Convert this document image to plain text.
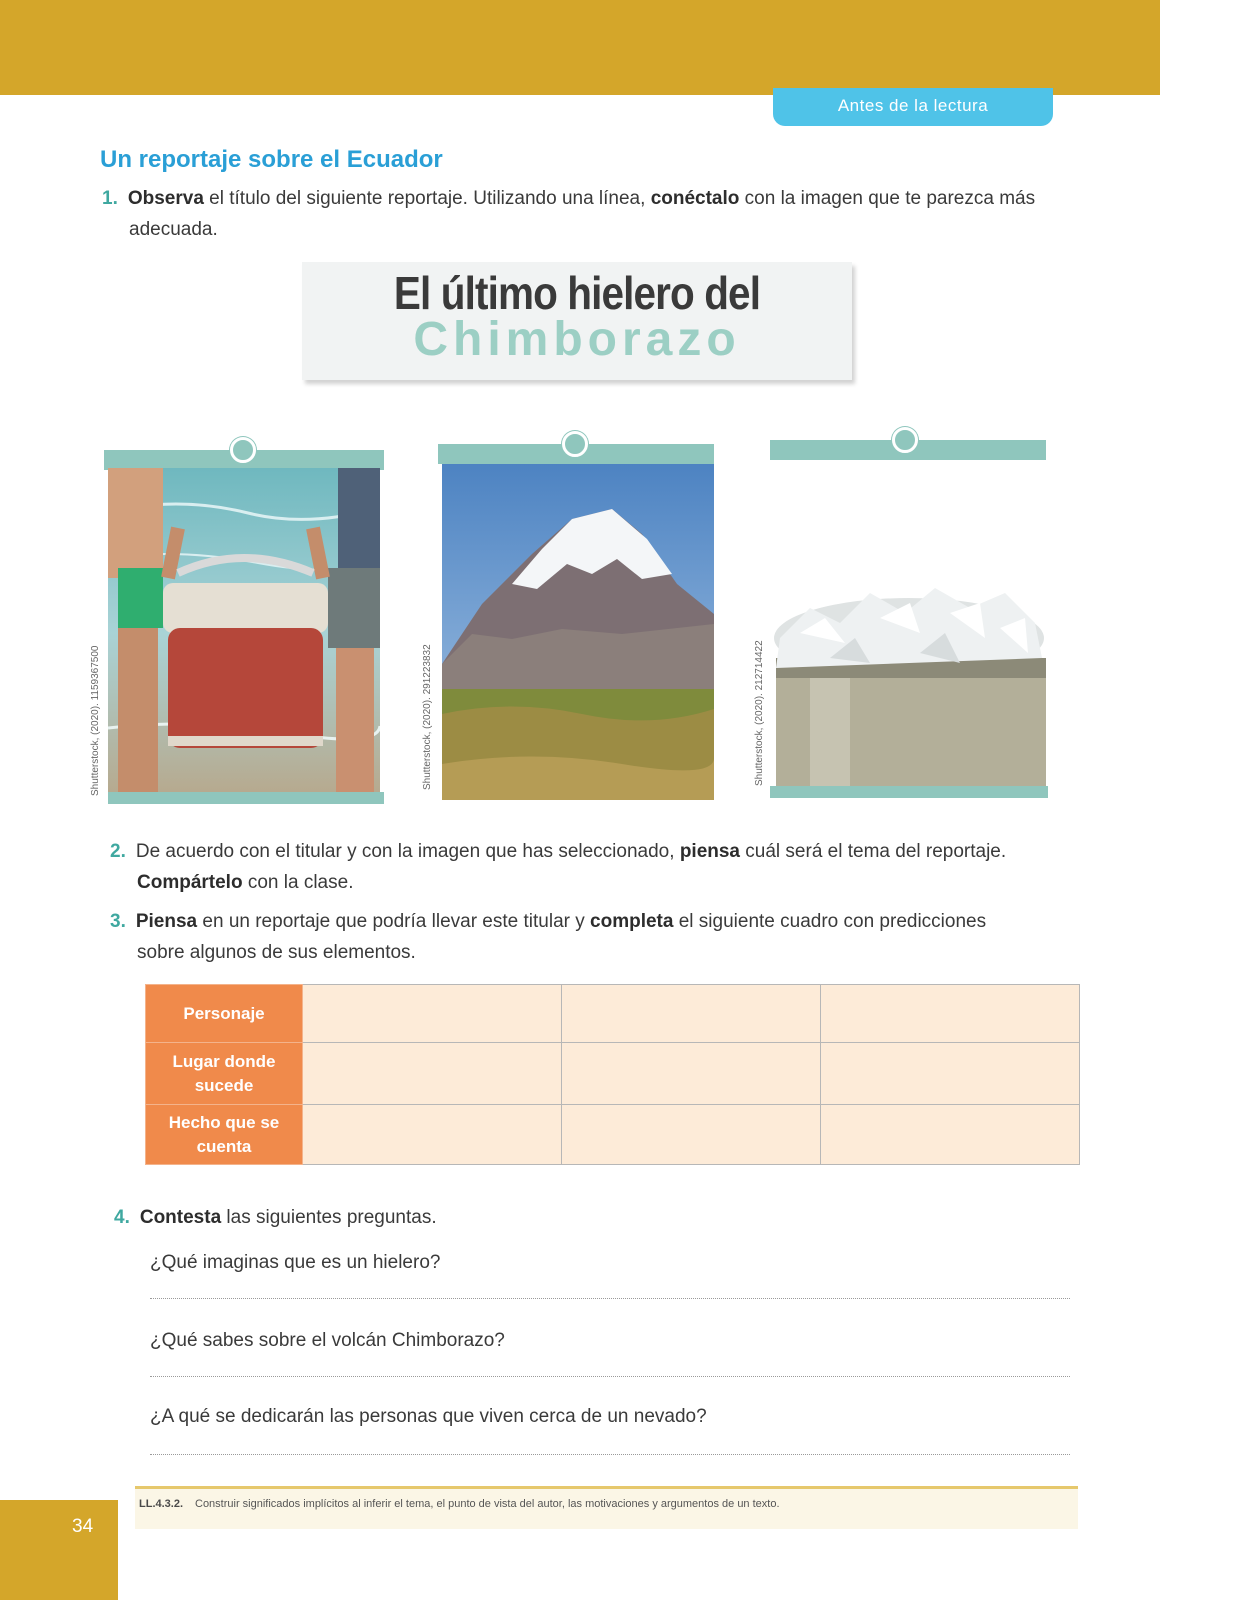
Antes de la lectura
Un reportaje sobre el Ecuador
1. Observa el título del siguiente reportaje. Utilizando una línea, conéctalo con la imagen que te parezca más
adecuada.
El último hielero del
Chimborazo
Shutterstock, (2020). 1159367500	Shutterstock, (2020). 291223832	Shutterstock, (2020). 212714422
2. De acuerdo con el titular y con la imagen que has seleccionado, piensa cuál será el tema del reportaje.
Compártelo con la clase.
3. Piensa en un reportaje que podría llevar este titular y completa el siguiente cuadro con predicciones
sobre algunos de sus elementos.
Personaje			
Lugar donde sucede			
Hecho que se cuenta			
4. Contesta las siguientes preguntas.
¿Qué imaginas que es un hielero?
¿Qué sabes sobre el volcán Chimborazo?
¿A qué se dedicarán las personas que viven cerca de un nevado?
LL.4.3.2. Construir significados implícitos al inferir el tema, el punto de vista del autor, las motivaciones y argumentos de un texto.
34
